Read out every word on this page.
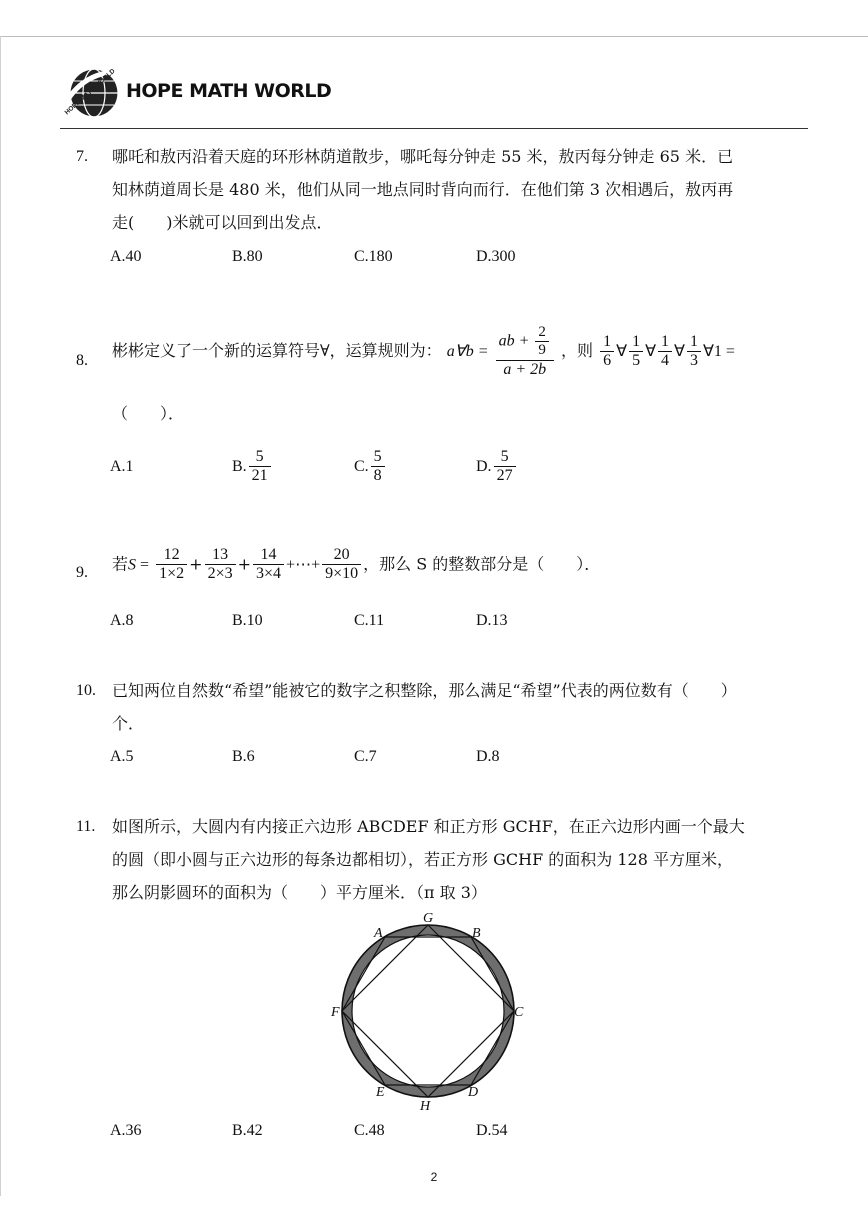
HOPE MATH WORLD HOPE MATH WORLD
7.	哪吒和敖丙沿着天庭的环形林荫道散步，哪吒每分钟走 55 米，敖丙每分钟走 65 米．已
知林荫道周长是 480 米，他们从同一地点同时背向而行．在他们第 3 次相遇后，敖丙再
走(　　)米就可以回到出发点．
A.40	B.80	C.180	D.300
8.
彬彬定义了一个新的运算符号∀，运算规则为： a∀b = $\frac{ab + \frac{2}{9}}{a + 2b}$ ，则 $\frac{1}{6}$ ∀ $\frac{1}{5}$ ∀ $\frac{1}{4}$ ∀ $\frac{1}{3}$ ∀1 =
（　　）．
A.1	B. $\frac{5}{21}$	C. $\frac{5}{8}$	D. $\frac{5}{27}$
9.	若$S = \frac{12}{1\times 2} + \frac{13}{2\times 3} + \frac{14}{3\times 4}$ +⋯+ $\frac{20}{9\times 10}$ ，那么 S 的整数部分是（　　）．
A.8	B.10	C.11	D.13
10.	已知两位自然数“希望”能被它的数字之积整除，那么满足“希望”代表的两位数有（　　）
个．
A.5	B.6	C.7	D.8
11.	如图所示，大圆内有内接正六边形 ABCDEF 和正方形 GCHF，在正六边形内画一个最大
的圆（即小圆与正六边形的每条边都相切），若正方形 GCHF 的面积为 128 平方厘米，
那么阴影圆环的面积为（　　）平方厘米．（π 取 3）
G
B
A
F	C
E	D
H
A.36	B.42	C.48	D.54
2
